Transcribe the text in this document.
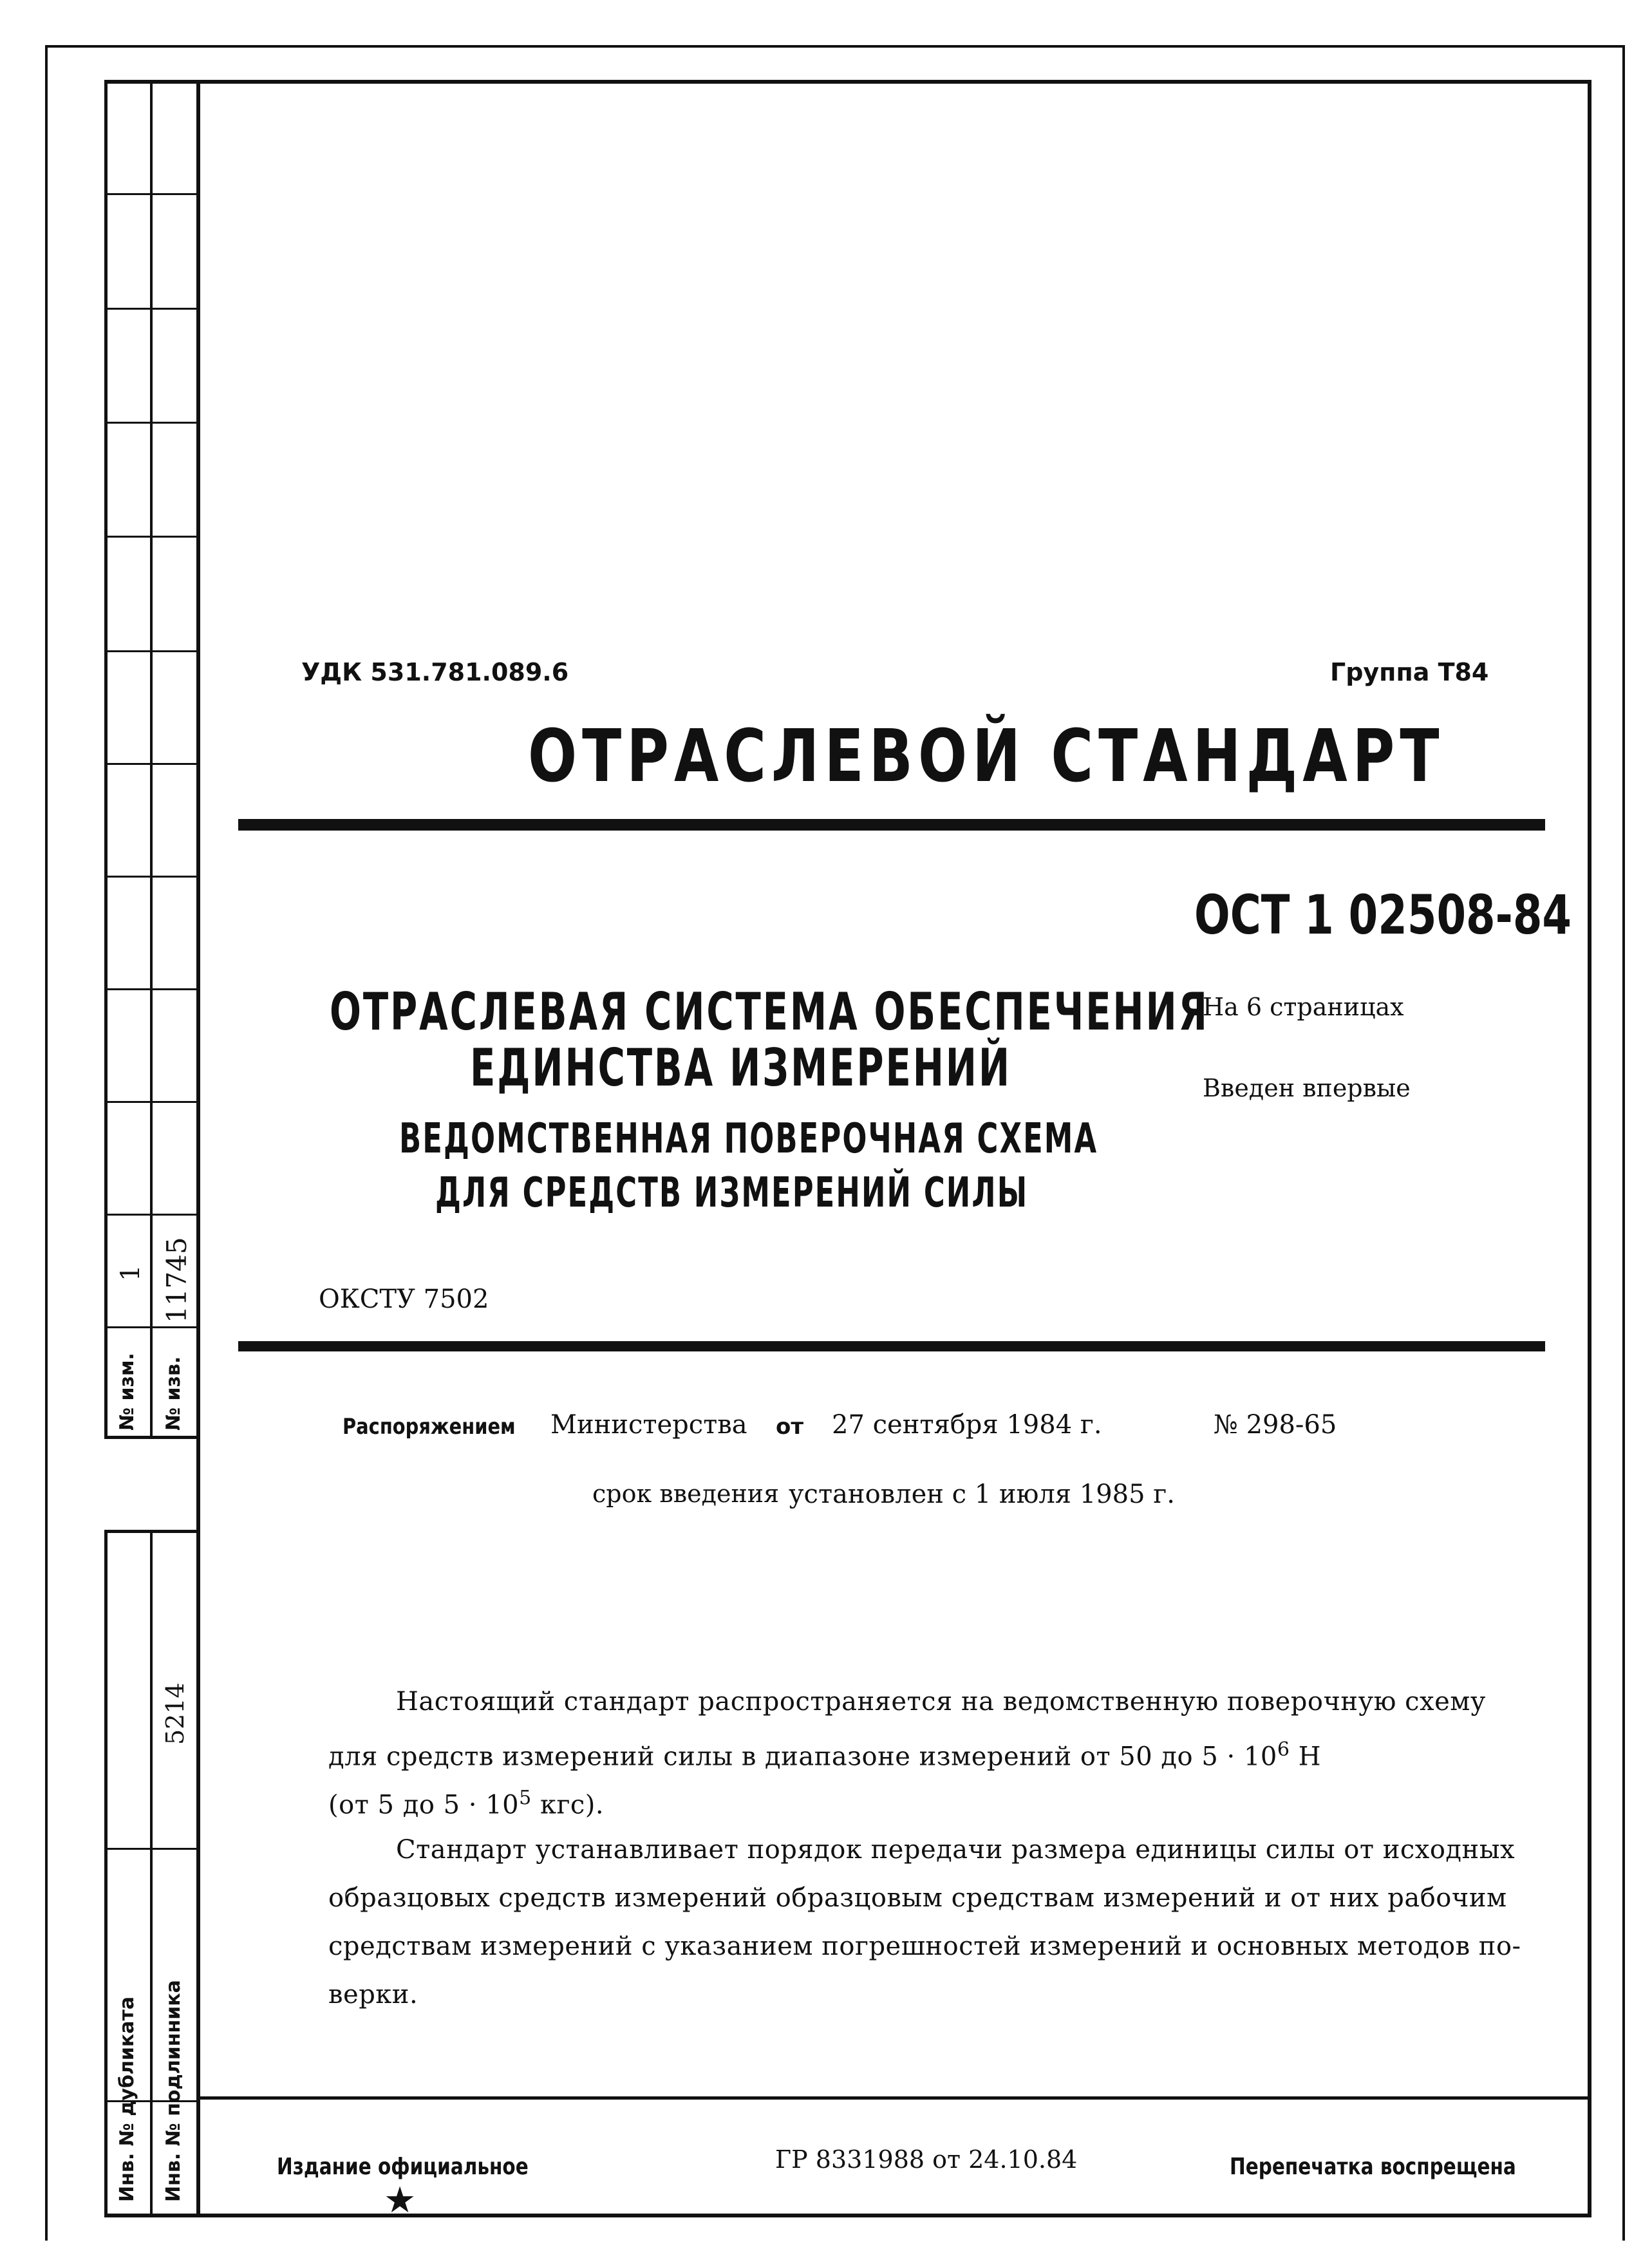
№ изм. № изв.
1 11745
5214
Инв. № дубликата Инв. № подлинника
УДК 531.781.089.6	Группа Т84
ОТРАСЛЕВОЙ СТАНДАРТ
ОСТ 1 02508-84
На 6 страницах
Введен впервые
ОТРАСЛЕВАЯ СИСТЕМА ОБЕСПЕЧЕНИЯ
ЕДИНСТВА ИЗМЕРЕНИЙ
ВЕДОМСТВЕННАЯ ПОВЕРОЧНАЯ СХЕМА
ДЛЯ СРЕДСТВ ИЗМЕРЕНИЙ СИЛЫ
ОКСТУ 7502
Распоряжением Министерства от 27 сентября 1984 г.	№ 298-65
срок введения установлен с 1 июля 1985 г.
Настоящий стандарт распространяется на ведомственную поверочную схему
для средств измерений силы в диапазоне измерений от 50 до $5 \cdot 10^6$ Н
(от 5 до $5 \cdot 10^5$ кгс).
Стандарт устанавливает порядок передачи размера единицы силы от исходных
образцовых средств измерений образцовым средствам измерений и от них рабочим
средствам измерений с указанием погрешностей измерений и основных методов по-
верки.
Издание официальное
★
ГР 8331988 от 24.10.84	Перепечатка воспрещена
